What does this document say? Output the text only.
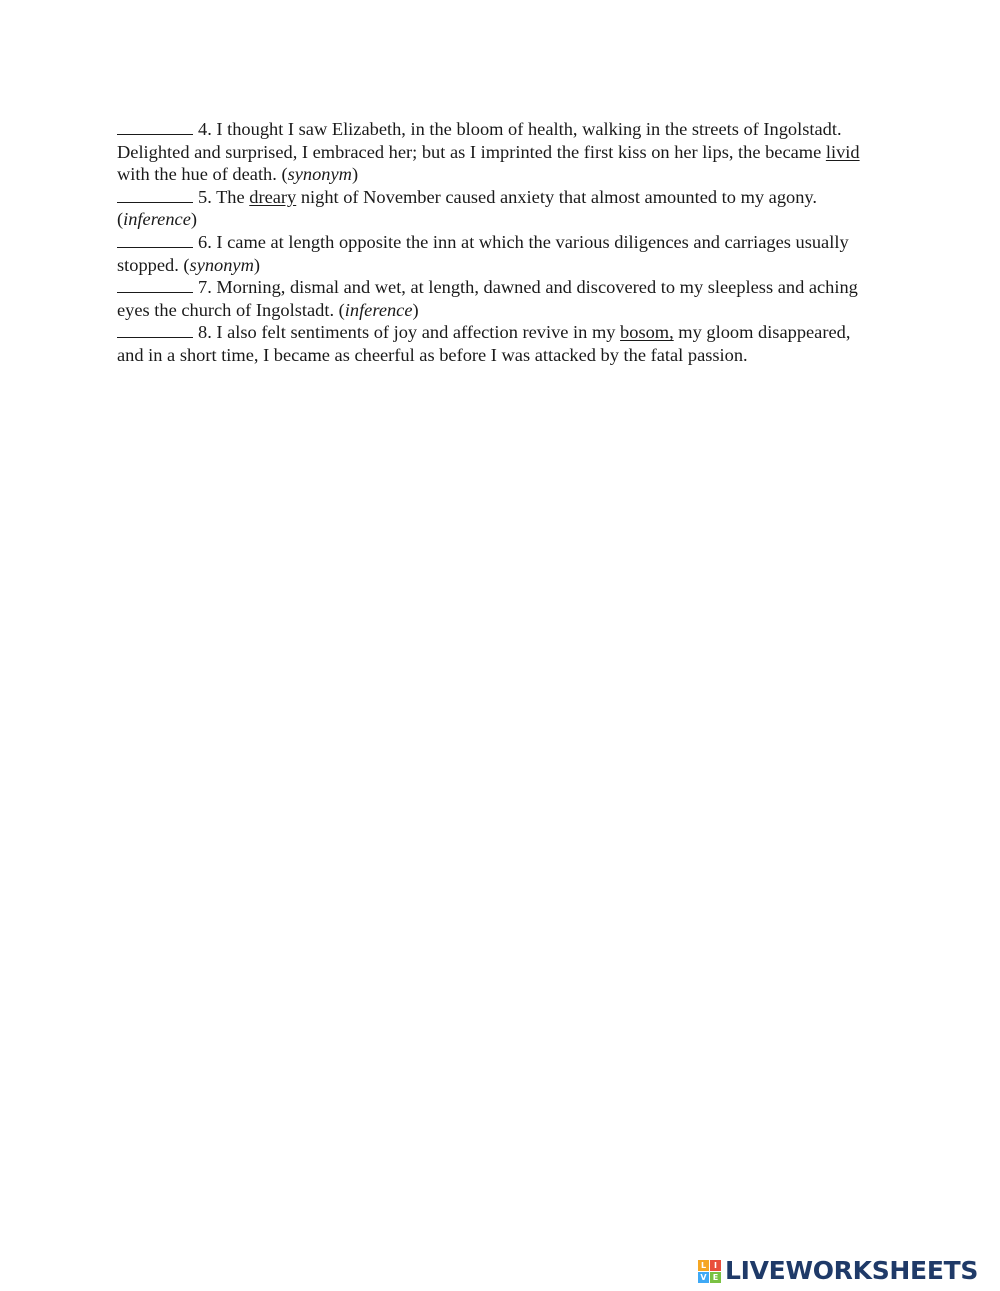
4. I thought I saw Elizabeth, in the bloom of health, walking in the streets of Ingolstadt. Delighted and surprised, I embraced her; but as I imprinted the first kiss on her lips, the became livid with the hue of death. (synonym)

5. The dreary night of November caused anxiety that almost amounted to my agony. (inference)

6. I came at length opposite the inn at which the various diligences and carriages usually stopped. (synonym)

7. Morning, dismal and wet, at length, dawned and discovered to my sleepless and aching eyes the church of Ingolstadt. (inference)

8. I also felt sentiments of joy and affection revive in my bosom, my gloom disappeared, and in a short time, I became as cheerful as before I was attacked by the fatal passion.

L I
V E LIVEWORKSHEETS
